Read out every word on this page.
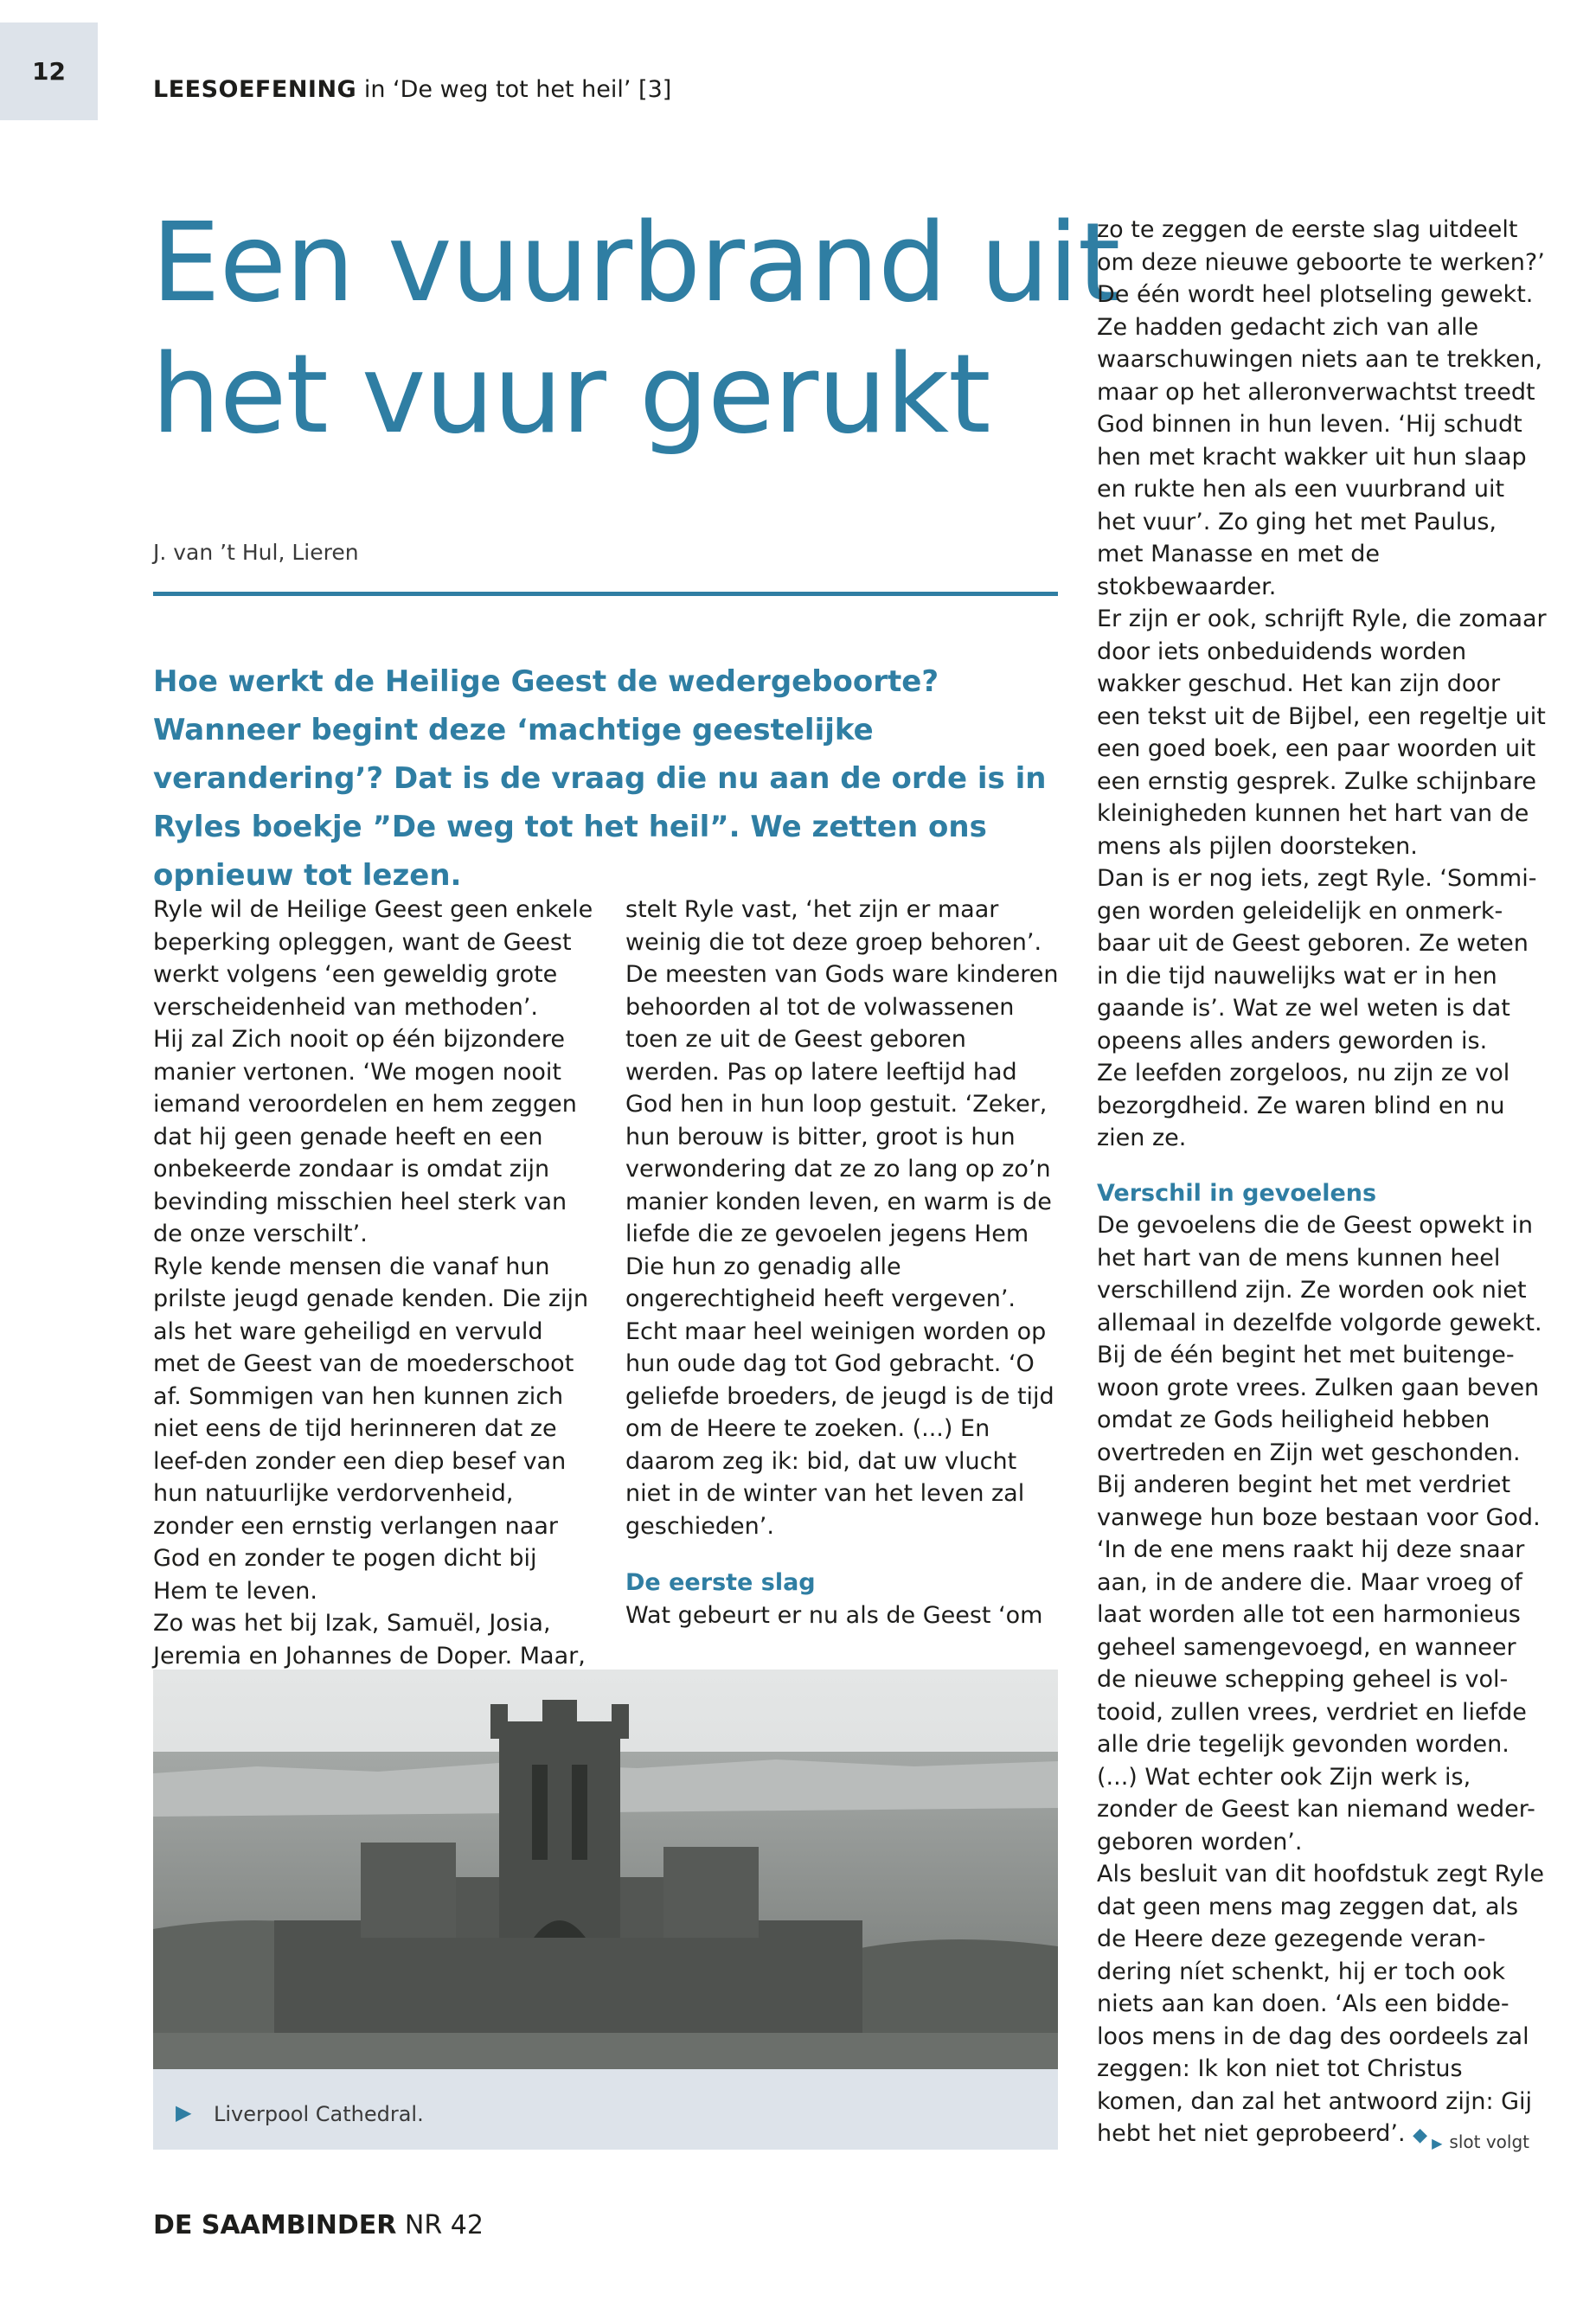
12
LEESOEFENING in ‘De weg tot het heil’ [3]
Een vuurbrand uit
het vuur gerukt
J. van ’t Hul, Lieren
Hoe werkt de Heilige Geest de wedergeboorte? Wanneer begint deze ‘machtige geestelijke verandering’? Dat is de vraag die nu aan de orde is in Ryles boekje ”De weg tot het heil”. We zetten ons opnieuw tot lezen.

Ryle wil de Heilige Geest geen enkele beperking opleggen, want de Geest werkt volgens ‘een geweldig grote verscheidenheid van methoden’.

Hij zal Zich nooit op één bijzondere manier vertonen. ‘We mogen nooit iemand veroordelen en hem zeggen dat hij geen genade heeft en een onbekeerde zondaar is omdat zijn bevinding misschien heel sterk van de onze verschilt’.

Ryle kende mensen die vanaf hun prilste jeugd genade kenden. Die zijn als het ware geheiligd en vervuld met de Geest van de moederschoot af. Sommigen van hen kunnen zich niet eens de tijd herinneren dat ze leef-den zonder een diep besef van hun natuurlijke verdorvenheid, zonder een ernstig verlangen naar God en zonder te pogen dicht bij Hem te leven.

Zo was het bij Izak, Samuël, Josia, Jeremia en Johannes de Doper. Maar,

stelt Ryle vast, ‘het zijn er maar weinig die tot deze groep behoren’.

De meesten van Gods ware kinderen behoorden al tot de volwassenen toen ze uit de Geest geboren werden. Pas op latere leeftijd had God hen in hun loop gestuit. ‘Zeker, hun berouw is bitter, groot is hun verwondering dat ze zo lang op zo’n manier konden leven, en warm is de liefde die ze gevoelen jegens Hem Die hun zo genadig alle ongerechtigheid heeft vergeven’.

Echt maar heel weinigen worden op hun oude dag tot God gebracht. ‘O geliefde broeders, de jeugd is de tijd om de Heere te zoeken. (...) En daarom zeg ik: bid, dat uw vlucht niet in de winter van het leven zal geschieden’.

De eerste slag

Wat gebeurt er nu als de Geest ‘om

zo te zeggen de eerste slag uitdeelt om deze nieuwe geboorte te werken?’ De één wordt heel plotseling gewekt. Ze hadden gedacht zich van alle waarschuwingen niets aan te trekken, maar op het alleronverwachtst treedt God binnen in hun leven. ‘Hij schudt hen met kracht wakker uit hun slaap en rukte hen als een vuurbrand uit het vuur’. Zo ging het met Paulus, met Manasse en met de stokbewaarder.

Er zijn er ook, schrijft Ryle, die zomaar door iets onbeduidends worden wakker geschud. Het kan zijn door een tekst uit de Bijbel, een regeltje uit een goed boek, een paar woorden uit een ernstig gesprek. Zulke schijnbare kleinigheden kunnen het hart van de mens als pijlen doorsteken.

Dan is er nog iets, zegt Ryle. ‘Sommi-gen worden geleidelijk en onmerk-baar uit de Geest geboren. Ze weten in die tijd nauwelijks wat er in hen gaande is’. Wat ze wel weten is dat opeens alles anders geworden is.

Ze leefden zorgeloos, nu zijn ze vol bezorgdheid. Ze waren blind en nu zien ze.

Verschil in gevoelens

De gevoelens die de Geest opwekt in het hart van de mens kunnen heel verschillend zijn. Ze worden ook niet allemaal in dezelfde volgorde gewekt. Bij de één begint het met buitenge-woon grote vrees. Zulken gaan beven omdat ze Gods heiligheid hebben overtreden en Zijn wet geschonden.

Bij anderen begint het met verdriet vanwege hun boze bestaan voor God. ‘In de ene mens raakt hij deze snaar aan, in de andere die. Maar vroeg of laat worden alle tot een harmonieus geheel samengevoegd, en wanneer de nieuwe schepping geheel is vol-tooid, zullen vrees, verdriet en liefde alle drie tegelijk gevonden worden. (...) Wat echter ook Zijn werk is, zonder de Geest kan niemand weder-geboren worden’.

Als besluit van dit hoofdstuk zegt Ryle dat geen mens mag zeggen dat, als de Heere deze gezegende veran-dering níet schenkt, hij er toch ook niets aan kan doen. ‘Als een bidde-loos mens in de dag des oordeels zal zeggen: Ik kon niet tot Christus komen, dan zal het antwoord zijn: Gij hebt het niet geprobeerd’. ◆

▶ Liverpool Cathedral.
▶ slot volgt
DE SAAMBINDER NR 42
